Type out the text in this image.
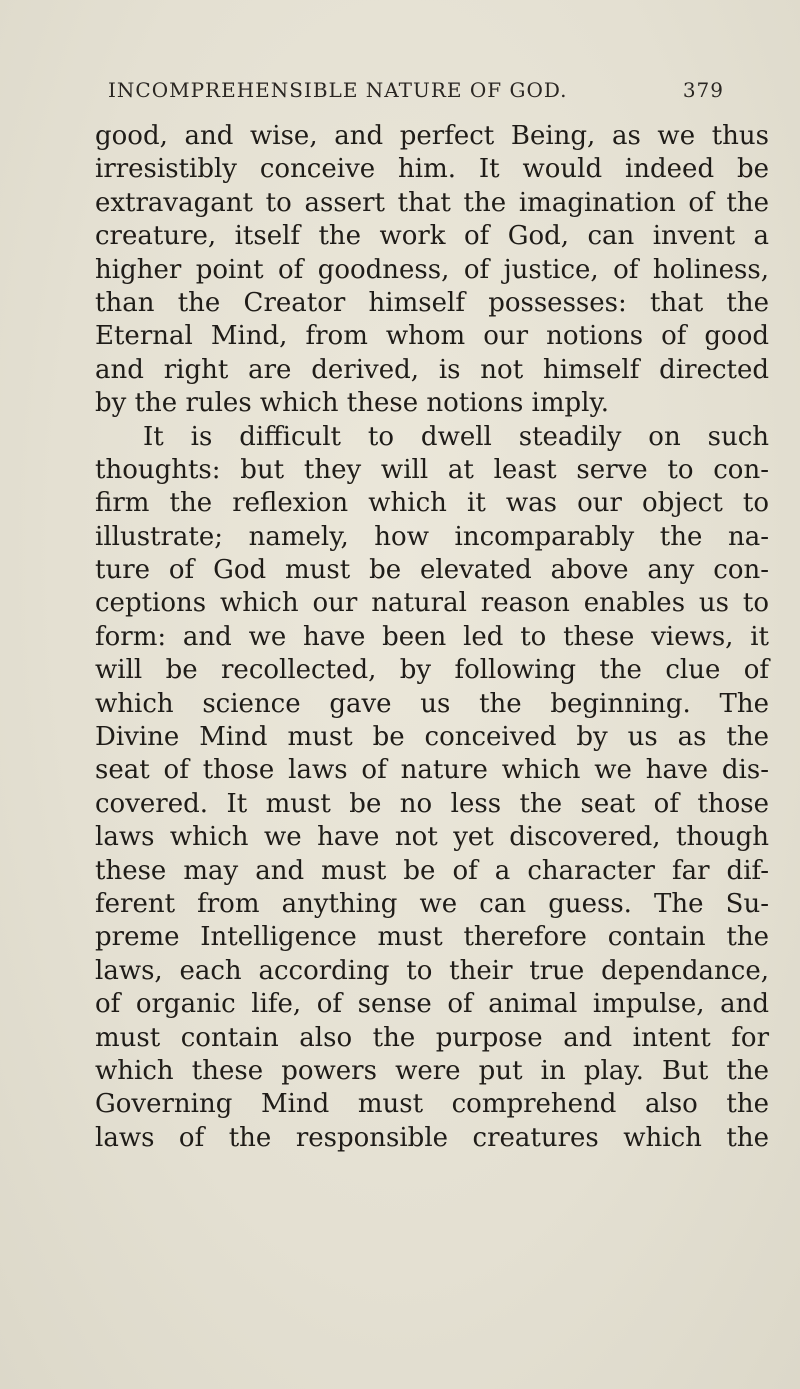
INCOMPREHENSIBLE NATURE OF GOD.	379
good, and wise, and perfect Being, as we thus
irresistibly conceive him. It would indeed be
extravagant to assert that the imagination of the
creature, itself the work of God, can invent a
higher point of goodness, of justice, of holiness,
than the Creator himself possesses: that the
Eternal Mind, from whom our notions of good
and right are derived, is not himself directed
by the rules which these notions imply.
It is difficult to dwell steadily on such
thoughts: but they will at least serve to con-
firm the reflexion which it was our object to
illustrate; namely, how incomparably the na-
ture of God must be elevated above any con-
ceptions which our natural reason enables us to
form: and we have been led to these views, it
will be recollected, by following the clue of
which science gave us the beginning. The
Divine Mind must be conceived by us as the
seat of those laws of nature which we have dis-
covered. It must be no less the seat of those
laws which we have not yet discovered, though
these may and must be of a character far dif-
ferent from anything we can guess. The Su-
preme Intelligence must therefore contain the
laws, each according to their true dependance,
of organic life, of sense of animal impulse, and
must contain also the purpose and intent for
which these powers were put in play. But the
Governing Mind must comprehend also the
laws of the responsible creatures which the
